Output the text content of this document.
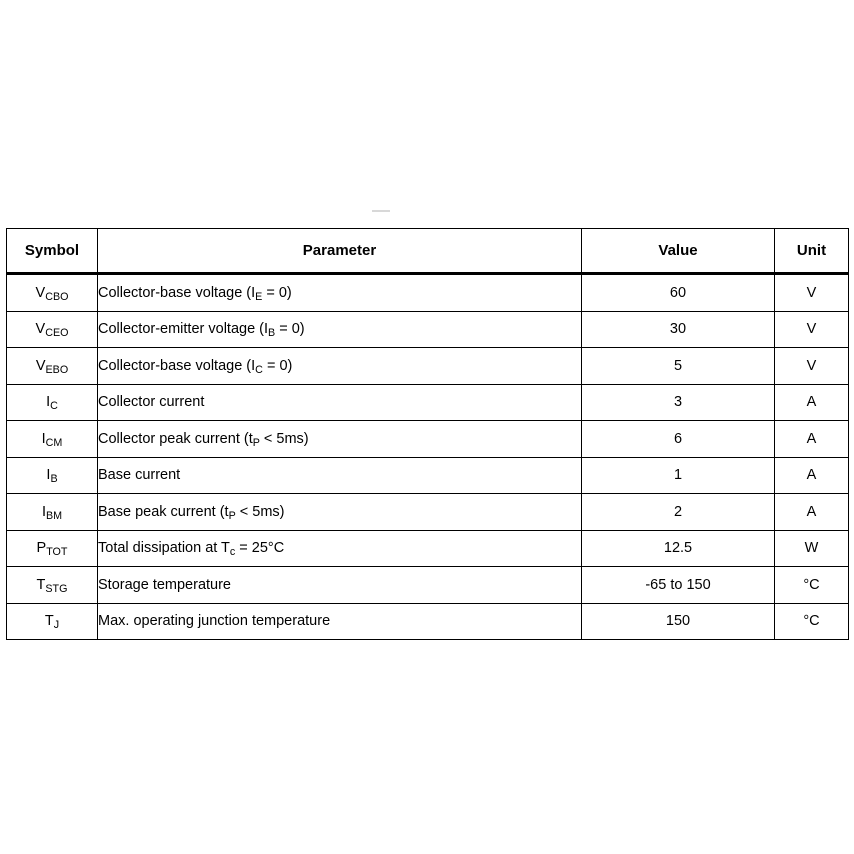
Symbol	Parameter	Value	Unit
$V_{CBO}$	Collector-base voltage $(I_E = 0)$	60	V
$V_{CEO}$	Collector-emitter voltage $(I_B = 0)$	30	V
$V_{EBO}$	Collector-base voltage $(I_C = 0)$	5	V
$I_C$	Collector current	3	A
$I_{CM}$	Collector peak current $(t_P < 5ms)$	6	A
$I_B$	Base current	1	A
$I_{BM}$	Base peak current $(t_P < 5ms)$	2	A
$P_{TOT}$	Total dissipation at $T_c = 25^\circ C$	12.5	W
$T_{STG}$	Storage temperature	-65 to 150	°C
$T_J$	Max. operating junction temperature	150	°C
